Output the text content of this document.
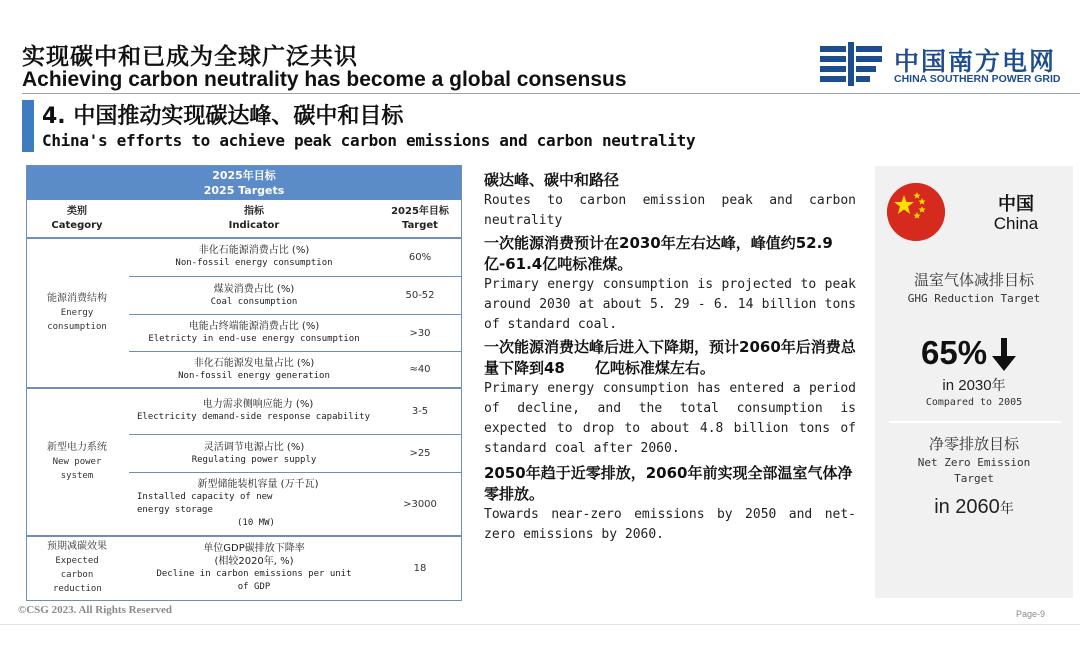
实现碳中和已成为全球广泛共识
Achieving carbon neutrality has become a global consensus
中国南方电网
CHINA SOUTHERN POWER GRID
4. 中国推动实现碳达峰、碳中和目标
China's efforts to achieve peak carbon emissions and carbon neutrality
2025年目标
2025 Targets
类别
Category
指标
Indicator
2025年目标
Target
能源消费结构
Energy consumption
新型电力系统
New power system
预期减碳效果
Expected carbon reduction
非化石能源消费占比 (%)
Non-fossil energy consumption
60%
煤炭消费占比 (%)
Coal consumption
50-52
电能占终端能源消费占比 (%)
Eletricty in end-use energy consumption
>30
非化石能源发电量占比 (%)
Non-fossil energy generation
≈40
电力需求侧响应能力 (%)
Electricity demand-side response capability
3-5
灵活调节电源占比 (%)
Regulating power supply
>25
新型储能装机容量 (万千瓦)
Installed capacity of new energy storage
(10 MW)
>3000
单位GDP碳排放下降率
(相较2020年, %)
Decline in carbon emissions per unit of GDP
18
碳达峰、碳中和路径
Routes to carbon emission peak and carbon neutrality
一次能源消费预计在2030年左右达峰，峰值约52.9亿-61.4亿吨标准煤。
Primary energy consumption is projected to peak around 2030 at about 5. 29 - 6. 14 billion tons of standard coal.
一次能源消费达峰后进入下降期，预计2060年后消费总量下降到48　　亿吨标准煤左右。
Primary energy consumption has entered a period of decline, and the total consumption is expected to drop to about 4.8 billion tons of standard coal after 2060.
2050年趋于近零排放，2060年前实现全部温室气体净零排放。
Towards near-zero emissions by 2050 and net-zero emissions by 2060.
中国
China
温室气体减排目标
GHG Reduction Target
65%
in 2030年
Compared to 2005
净零排放目标
Net Zero Emission Target
in 2060年
©CSG 2023. All Rights Reserved	Page-9
